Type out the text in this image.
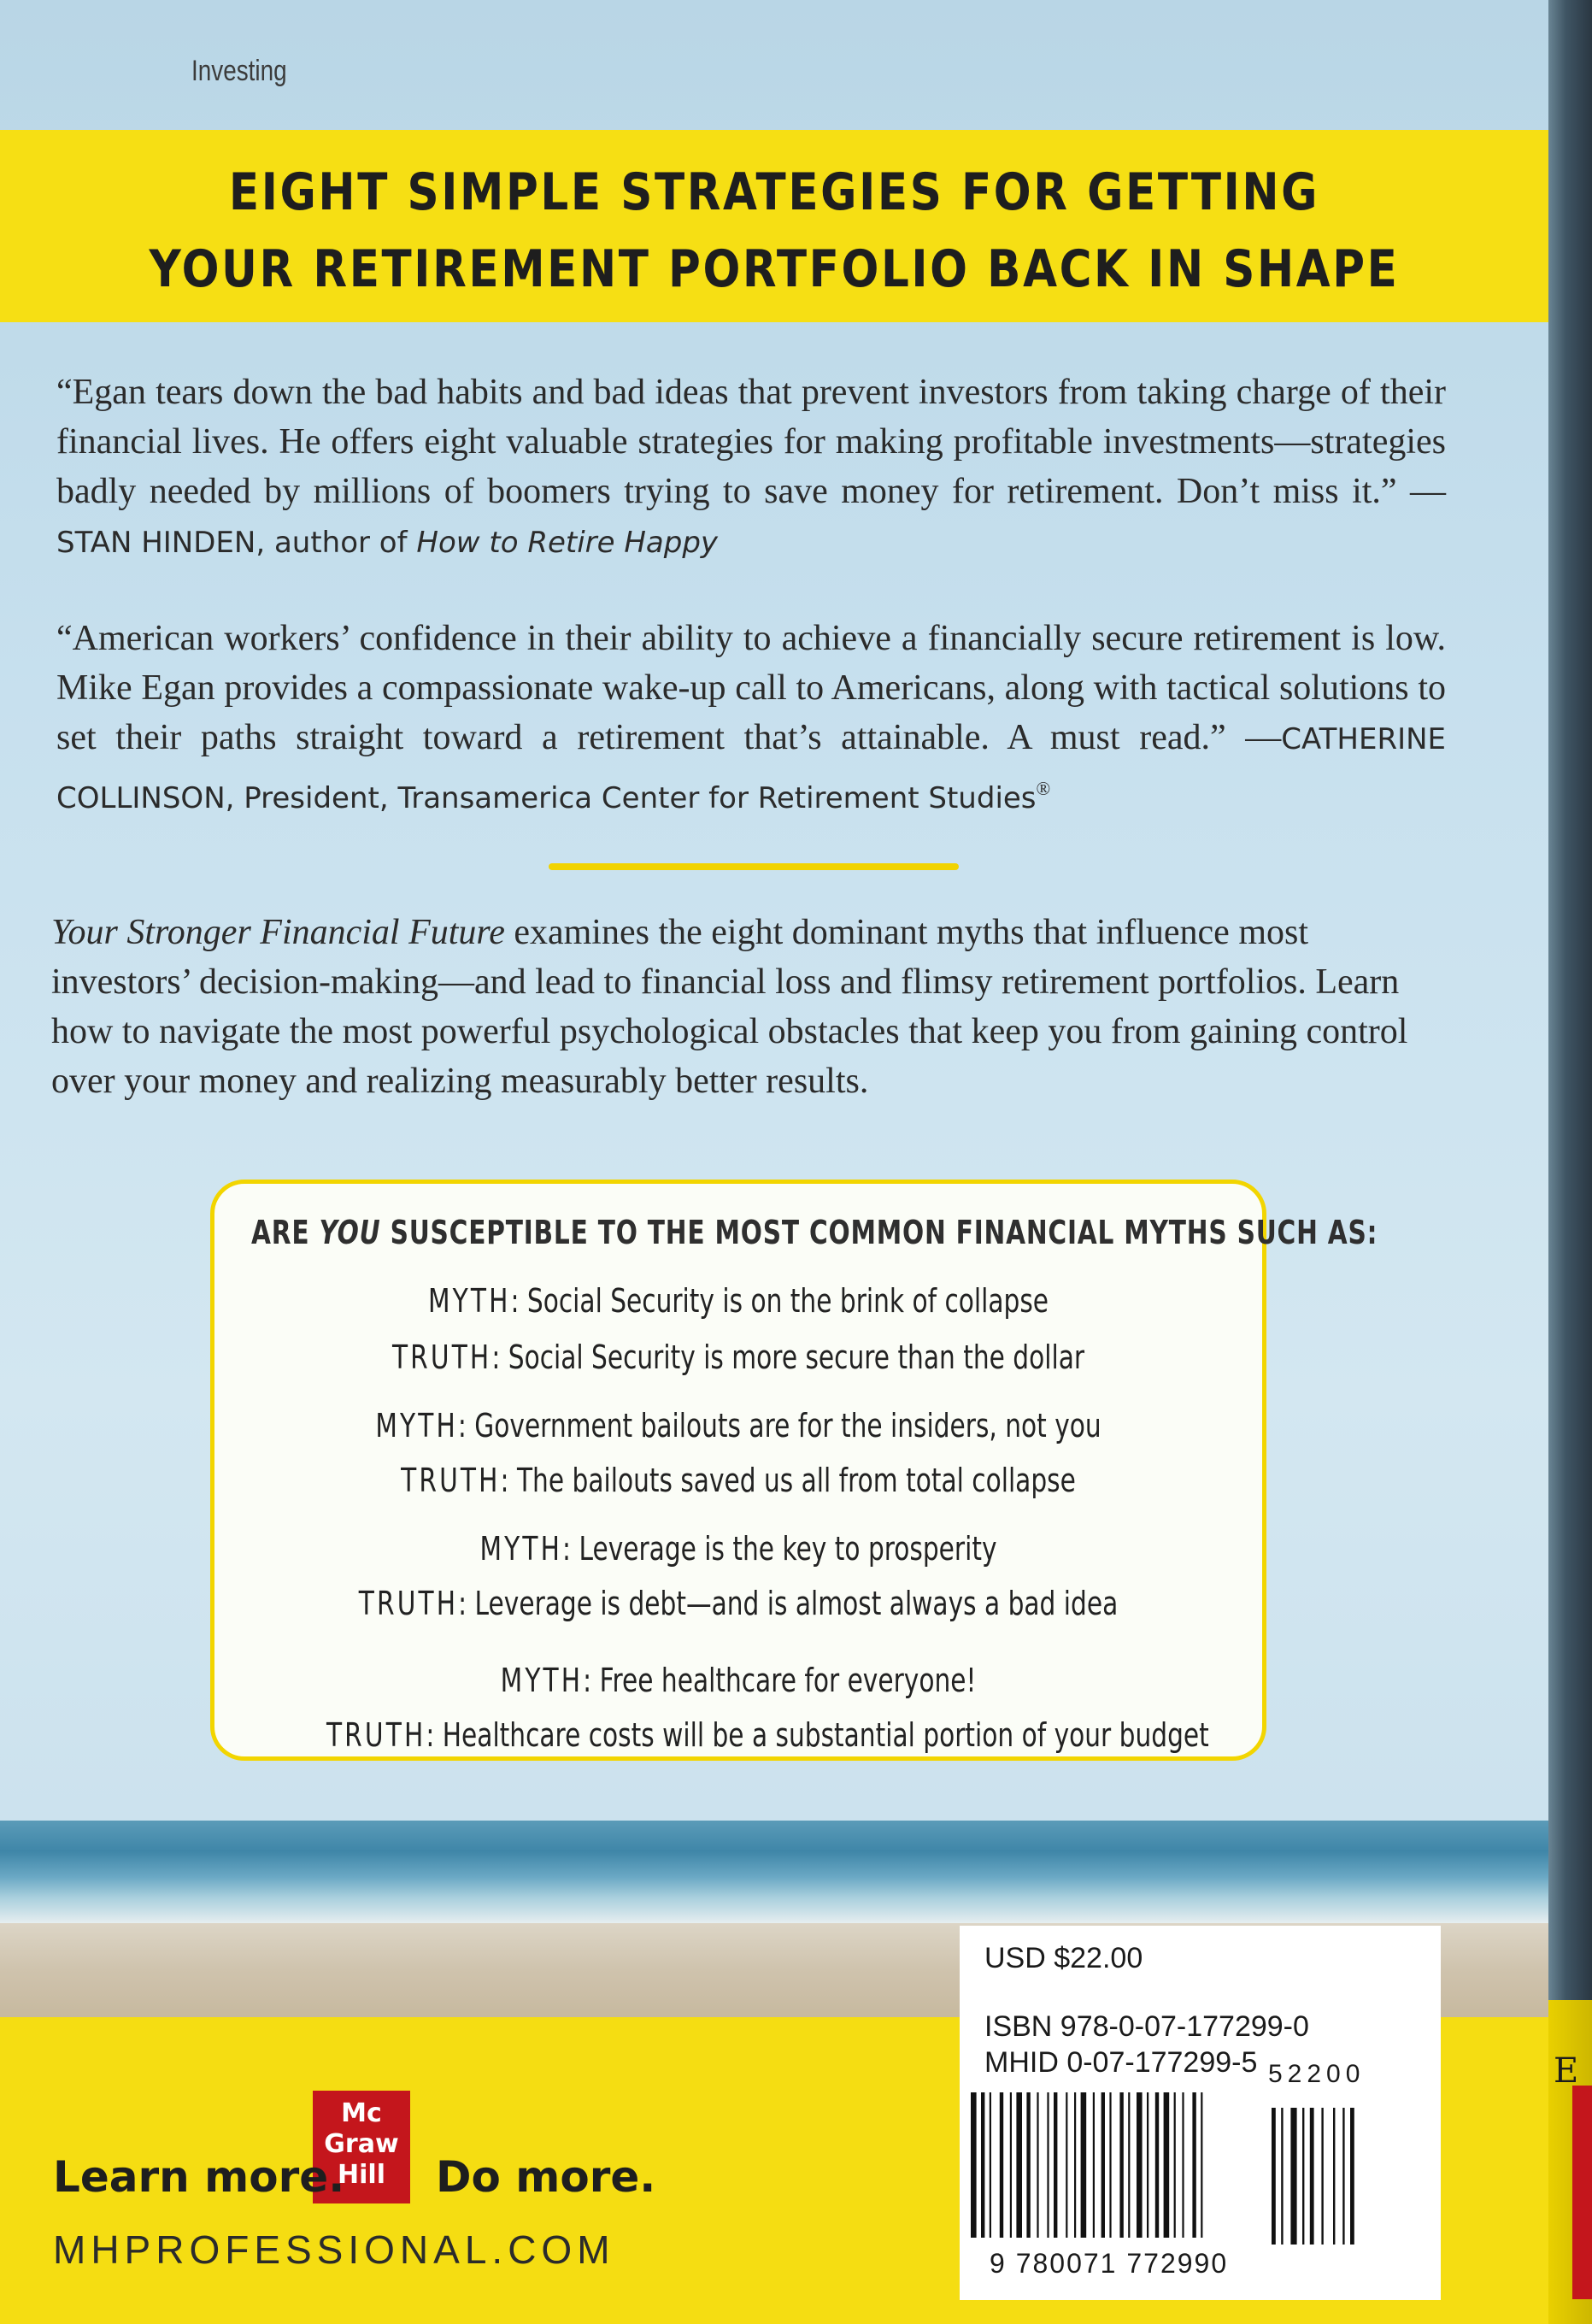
E
Investing
EIGHT SIMPLE STRATEGIES FOR GETTING
YOUR RETIREMENT PORTFOLIO BACK IN SHAPE
“Egan tears down the bad habits and bad ideas that prevent investors from taking charge of their financial lives. He offers eight valuable strategies for making profitable investments—strategies badly needed by millions of boomers trying to save money for retirement. Don’t miss it.” —STAN HINDEN, author of How to Retire Happy
“American workers’ confidence in their ability to achieve a financially secure retirement is low. Mike Egan provides a compassionate wake-up call to Americans, along with tactical solutions to set their paths straight toward a retirement that’s attainable. A must read.” —CATHERINE COLLINSON, President, Transamerica Center for Retirement Studies®
Your Stronger Financial Future examines the eight dominant myths that influence most investors’ decision-making—and lead to financial loss and flimsy retirement portfolios. Learn how to navigate the most powerful psychological obstacles that keep you from gaining control over your money and realizing measurably better results.
ARE YOU SUSCEPTIBLE TO THE MOST COMMON FINANCIAL MYTHS SUCH AS:
MYTH: Social Security is on the brink of collapse
TRUTH: Social Security is more secure than the dollar
MYTH: Government bailouts are for the insiders, not you
TRUTH: The bailouts saved us all from total collapse
MYTH: Leverage is the key to prosperity
TRUTH: Leverage is debt—and is almost always a bad idea
MYTH: Free healthcare for everyone!
TRUTH: Healthcare costs will be a substantial portion of your budget
Mc
Graw
Hill
Learn more. Do more.
MHPROFESSIONAL.COM
USD $22.00
ISBN 978-0-07-177299-0
MHID 0-07-177299-5 52200
9 780071 772990
